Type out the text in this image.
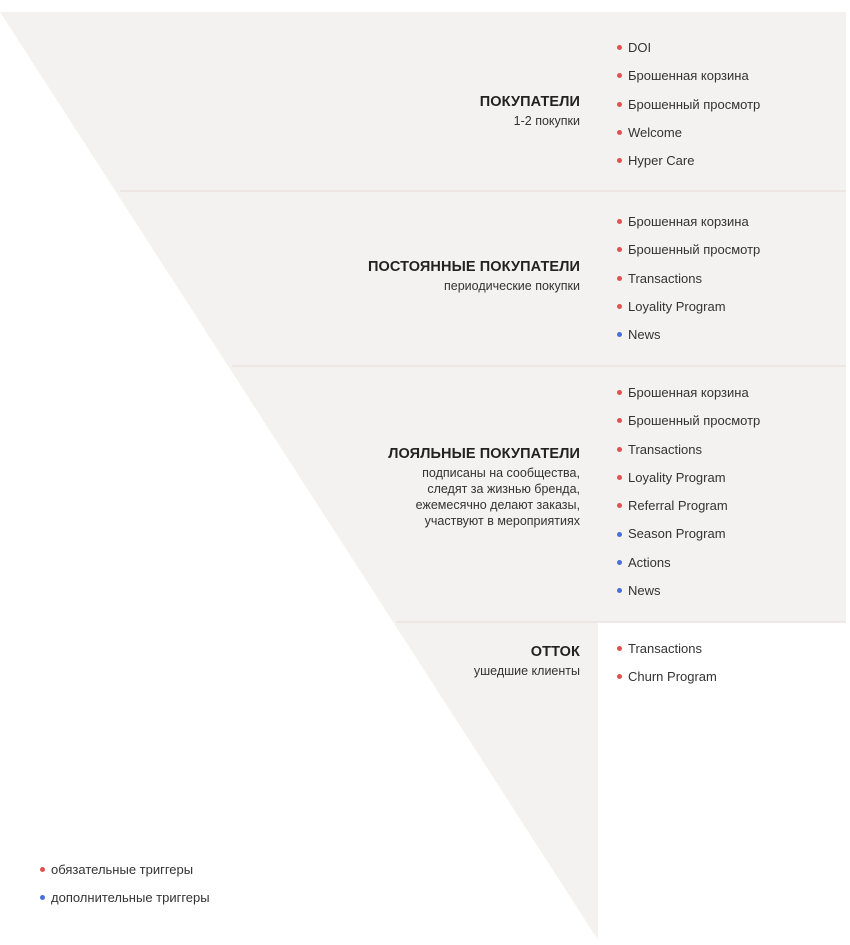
ПОКУПАТЕЛИ
1-2 покупки
DOI
Брошенная корзина
Брошенный просмотр
Welcome
Hyper Care
ПОСТОЯННЫЕ ПОКУПАТЕЛИ
периодические покупки
Брошенная корзина
Брошенный просмотр
Transactions
Loyality Program
News
ЛОЯЛЬНЫЕ ПОКУПАТЕЛИ
подписаны на сообщества,
следят за жизнью бренда,
ежемесячно делают заказы,
участвуют в мероприятиях
Брошенная корзина
Брошенный просмотр
Transactions
Loyality Program
Referral Program
Season Program
Actions
News
ОТТОК
ушедшие клиенты
Transactions
Churn Program
обязательные триггеры
дополнительные триггеры
